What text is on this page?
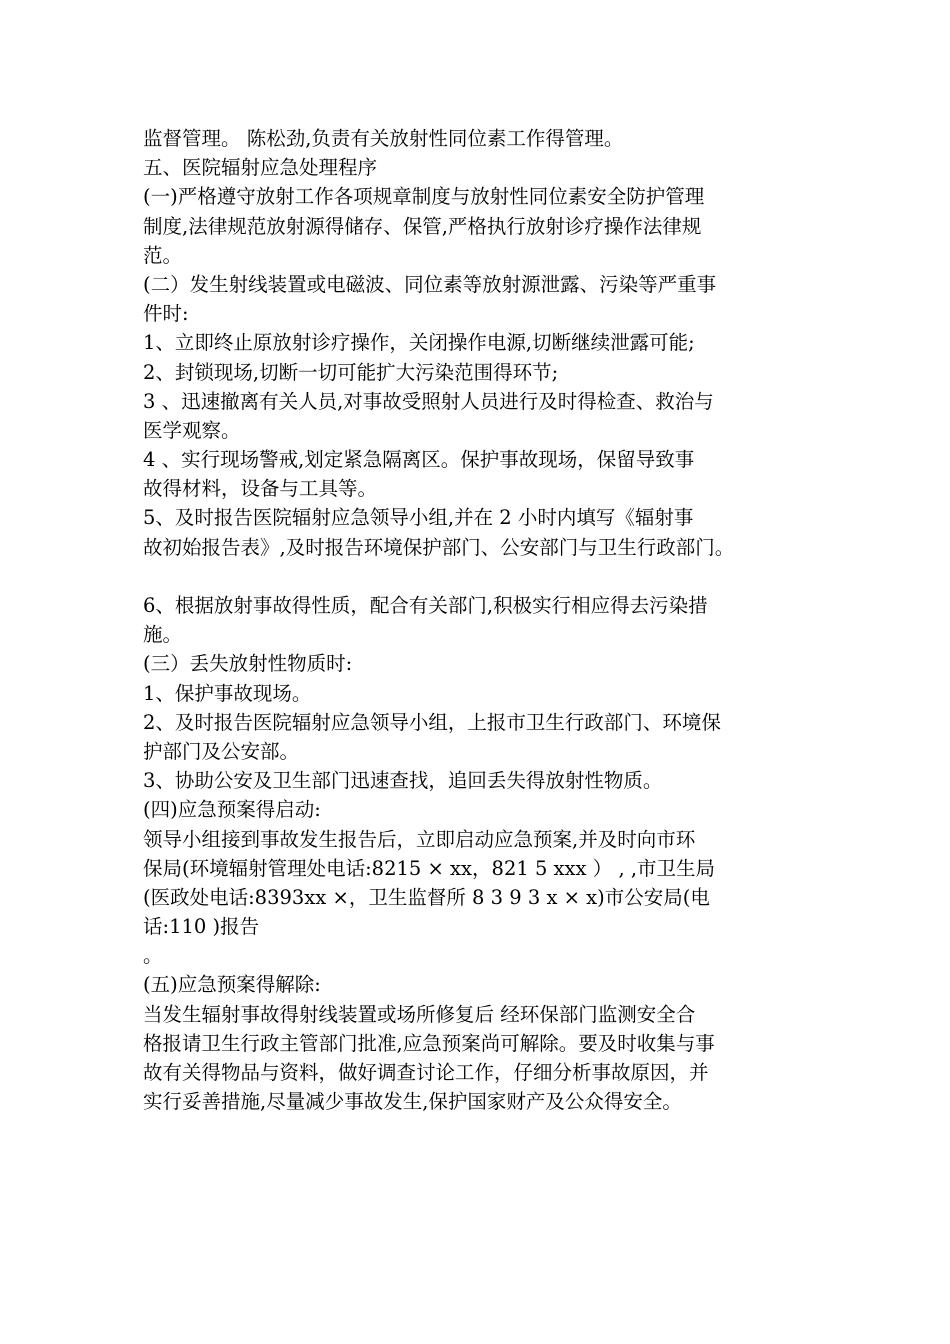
监督管理。 陈松劲,负责有关放射性同位素工作得管理。
五、医院辐射应急处理程序
(一)严格遵守放射工作各项规章制度与放射性同位素安全防护管理
制度,法律规范放射源得储存、保管,严格执行放射诊疗操作法律规
范。
(二）发生射线装置或电磁波、同位素等放射源泄露、污染等严重事
件时:
1、立即终止原放射诊疗操作，关闭操作电源,切断继续泄露可能;
2、封锁现场,切断一切可能扩大污染范围得环节;
3 、迅速撤离有关人员,对事故受照射人员进行及时得检查、救治与
医学观察。
4 、实行现场警戒,划定紧急隔离区。保护事故现场，保留导致事
故得材料，设备与工具等。
5、及时报告医院辐射应急领导小组,并在 2 小时内填写《辐射事
故初始报告表》,及时报告环境保护部门、公安部门与卫生行政部门。
6、根据放射事故得性质，配合有关部门,积极实行相应得去污染措
施。
(三）丢失放射性物质时:
1、保护事故现场。
2、及时报告医院辐射应急领导小组，上报市卫生行政部门、环境保
护部门及公安部。
3、协助公安及卫生部门迅速查找，追回丢失得放射性物质。
(四)应急预案得启动:
领导小组接到事故发生报告后，立即启动应急预案,并及时向市环
保局(环境辐射管理处电话:8215 × xx，821 5 xxx ） , ,市卫生局
(医政处电话:8393xx ×，卫生监督所 8 3 9 3 x × x)市公安局(电
话:110 )报告
。
(五)应急预案得解除:
当发生辐射事故得射线装置或场所修复后 经环保部门监测安全合
格报请卫生行政主管部门批准,应急预案尚可解除。要及时收集与事
故有关得物品与资料，做好调查讨论工作，仔细分析事故原因，并
实行妥善措施,尽量减少事故发生,保护国家财产及公众得安全。
